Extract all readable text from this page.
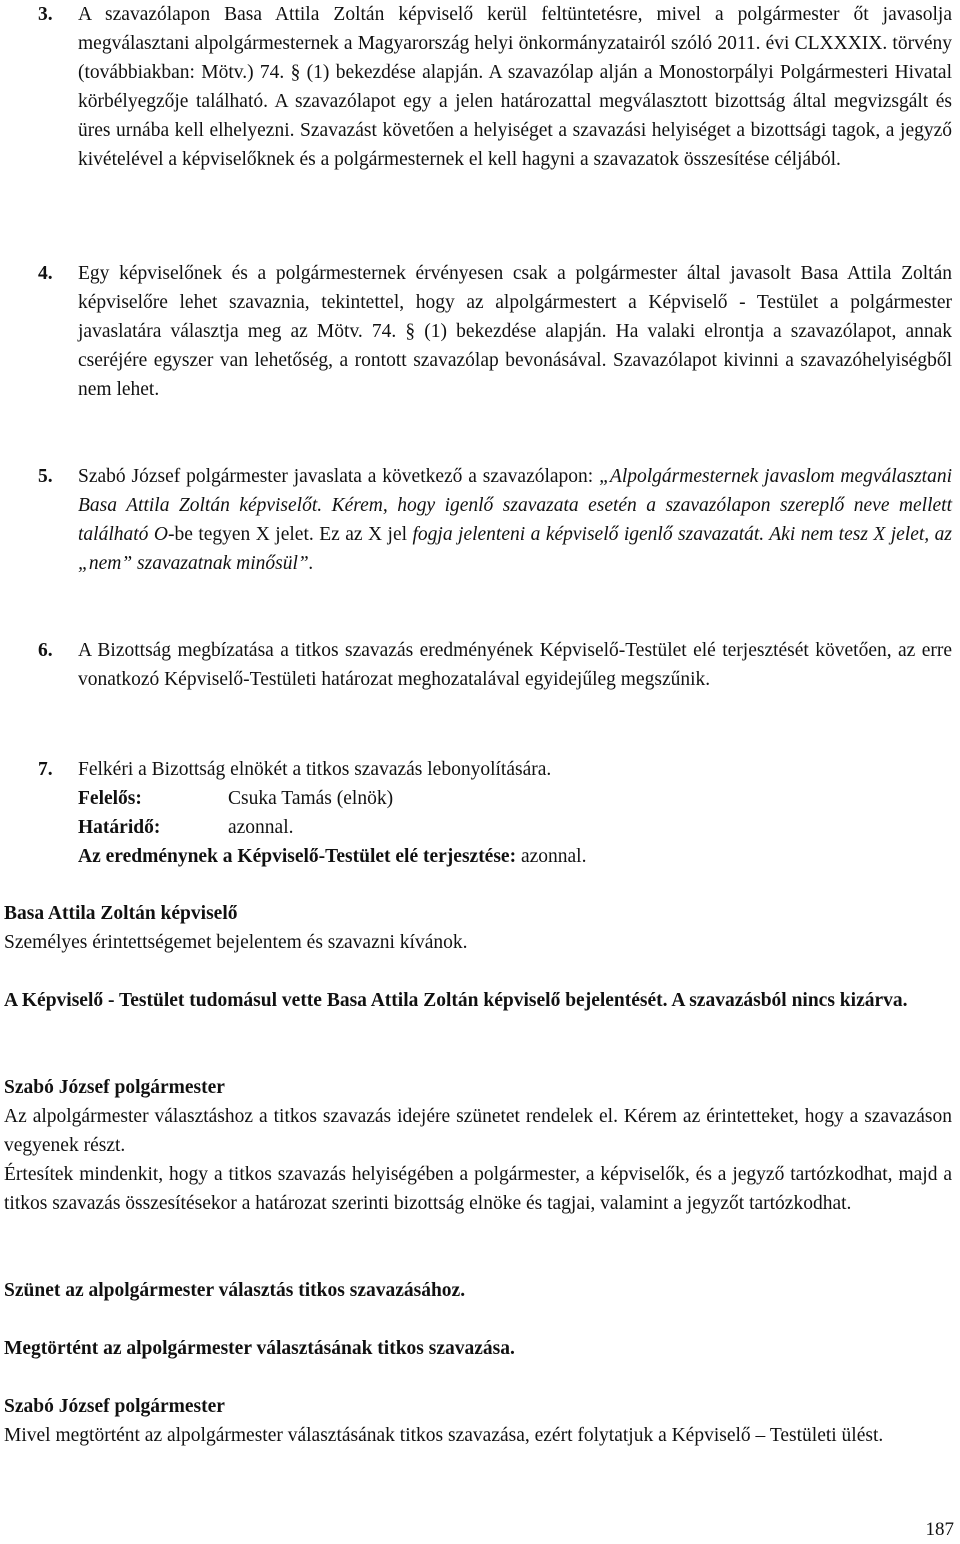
3. A szavazólapon Basa Attila Zoltán képviselő kerül feltüntetésre, mivel a polgármester őt javasolja megválasztani alpolgármesternek a Magyarország helyi önkormányzatairól szóló 2011. évi CLXXXIX. törvény (továbbiakban: Mötv.) 74. § (1) bekezdése alapján. A szavazólap alján a Monostorpályi Polgármesteri Hivatal körbélyegzője található. A szavazólapot egy a jelen határozattal megválasztott bizottság által megvizsgált és üres urnába kell elhelyezni. Szavazást követően a helyiséget a szavazási helyiséget a bizottsági tagok, a jegyző kivételével a képviselőknek és a polgármesternek el kell hagyni a szavazatok összesítése céljából.

4. Egy képviselőnek és a polgármesternek érvényesen csak a polgármester által javasolt Basa Attila Zoltán képviselőre lehet szavaznia, tekintettel, hogy az alpolgármestert a Képviselő - Testület a polgármester javaslatára választja meg az Mötv. 74. § (1) bekezdése alapján. Ha valaki elrontja a szavazólapot, annak cseréjére egyszer van lehetőség, a rontott szavazólap bevonásával. Szavazólapot kivinni a szavazóhelyiségből nem lehet.

5. Szabó József polgármester javaslata a következő a szavazólapon: „Alpolgármesternek javaslom megválasztani Basa Attila Zoltán képviselőt. Kérem, hogy igenlő szavazata esetén a szavazólapon szereplő neve mellett található O-be tegyen X jelet. Ez az X jel fogja jelenteni a képviselő igenlő szavazatát. Aki nem tesz X jelet, az „nem” szavazatnak minősül”.

6. A Bizottság megbízatása a titkos szavazás eredményének Képviselő-Testület elé terjesztését követően, az erre vonatkozó Képviselő-Testületi határozat meghozatalával egyidejűleg megszűnik.

7. Felkéri a Bizottság elnökét a titkos szavazás lebonyolítására.

Felelős:	Csuka Tamás (elnök)
Határidő:	azonnal.

Az eredménynek a Képviselő-Testület elé terjesztése: azonnal.

Basa Attila Zoltán képviselő

Személyes érintettségemet bejelentem és szavazni kívánok.

A Képviselő - Testület tudomásul vette Basa Attila Zoltán képviselő bejelentését. A szavazásból nincs kizárva.

Szabó József polgármester

Az alpolgármester választáshoz a titkos szavazás idejére szünetet rendelek el. Kérem az érintetteket, hogy a szavazáson vegyenek részt.

Értesítek mindenkit, hogy a titkos szavazás helyiségében a polgármester, a képviselők, és a jegyző tartózkodhat, majd a titkos szavazás összesítésekor a határozat szerinti bizottság elnöke és tagjai, valamint a jegyzőt tartózkodhat.

Szünet az alpolgármester választás titkos szavazásához.
Megtörtént az alpolgármester választásának titkos szavazása.

Szabó József polgármester

Mivel megtörtént az alpolgármester választásának titkos szavazása, ezért folytatjuk a Képviselő – Testületi ülést.

187
